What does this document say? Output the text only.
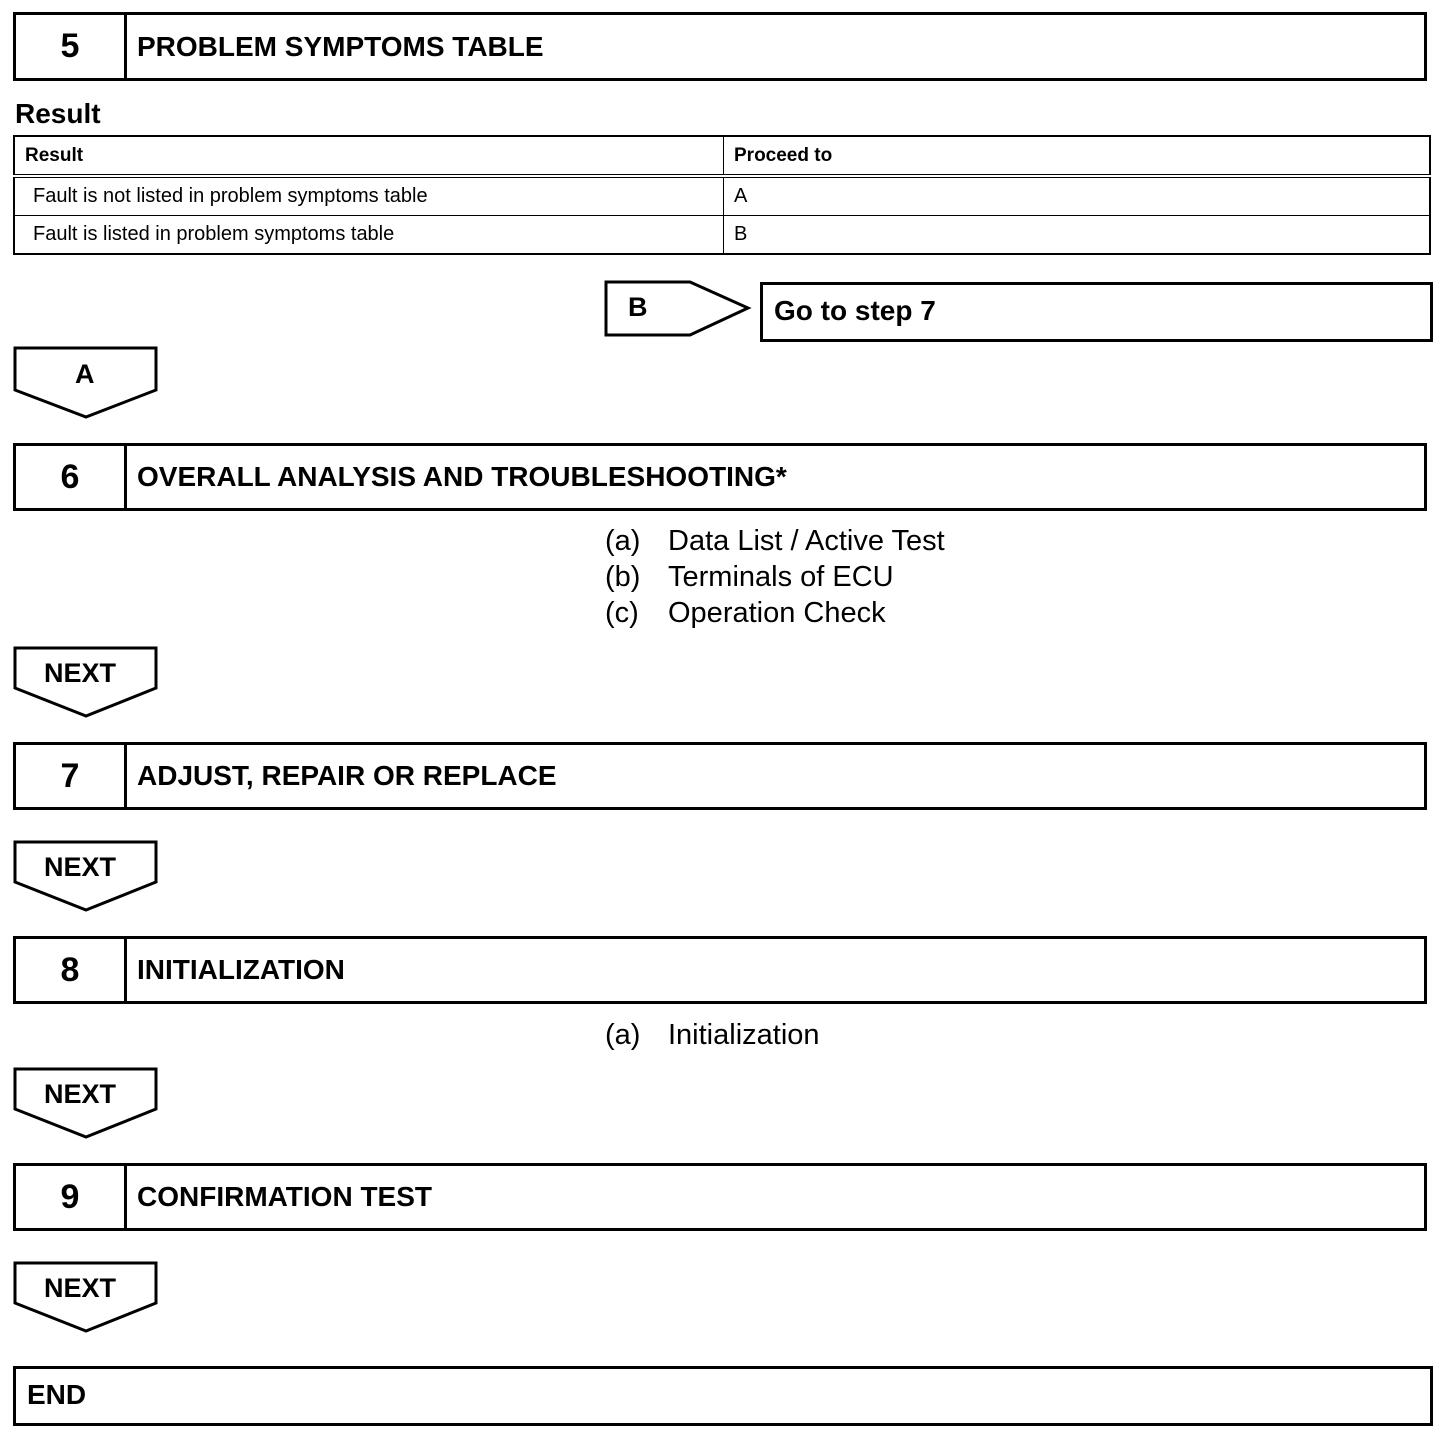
5	PROBLEM SYMPTOMS TABLE
Result
Result	Proceed to
Fault is not listed in problem symptoms table	A
Fault is listed in problem symptoms table	B
B	Go to step 7
A
6	OVERALL ANALYSIS AND TROUBLESHOOTING*
(a) Data List / Active Test
(b) Terminals of ECU
(c) Operation Check
NEXT
7	ADJUST, REPAIR OR REPLACE
NEXT
8	INITIALIZATION
(a) Initialization
NEXT
9	CONFIRMATION TEST
NEXT
END
